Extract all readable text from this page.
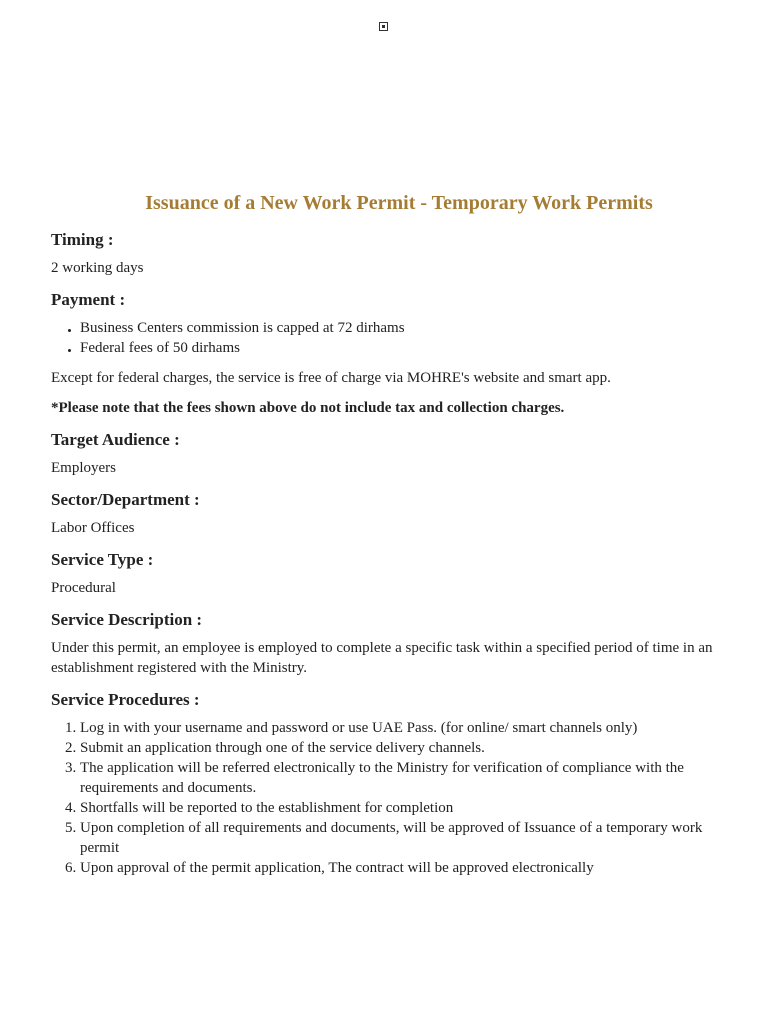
Issuance of a New Work Permit - Temporary Work Permits
Timing :

2 working days

Payment :
Business Centers commission is capped at 72 dirhams
Federal fees of 50 dirhams

Except for federal charges, the service is free of charge via MOHRE's website and smart app.

*Please note that the fees shown above do not include tax and collection charges.

Target Audience :

Employers

Sector/Department :

Labor Offices

Service Type :

Procedural

Service Description :

Under this permit, an employee is employed to complete a specific task within a specified period of time in an establishment registered with the Ministry.

Service Procedures :
1. Log in with your username and password or use UAE Pass. (for online/ smart channels only)
2. Submit an application through one of the service delivery channels.
3. The application will be referred electronically to the Ministry for verification of compliance with the requirements and documents.
4. Shortfalls will be reported to the establishment for completion
5. Upon completion of all requirements and documents, will be approved of Issuance of a temporary work permit
6. Upon approval of the permit application, The contract will be approved electronically
